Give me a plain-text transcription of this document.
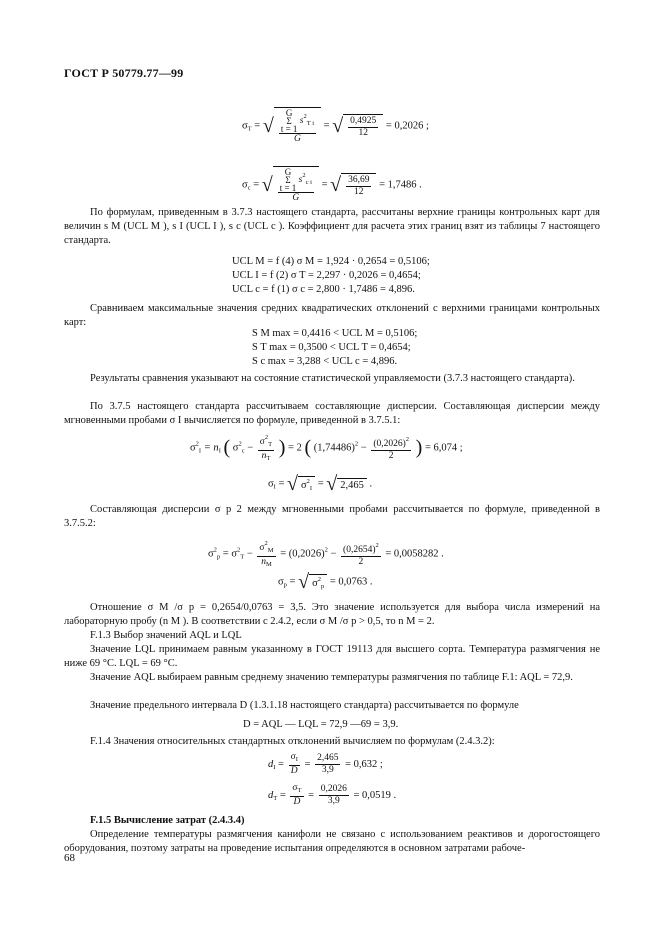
ГОСТ Р 50779.77—99
$\sigma_T$ = √
G
Σ
t = 1 $s^2_{T i}$
G
= √ $\frac{0,4925}{12} = 0,2026$ ;
$\sigma_c$ = √
G
Σ
t = 1 $s^2_{c i}$
G
= √ $\frac{36,69}{12} = 1,7486$ .

По формулам, приведенным в 3.7.3 настоящего стандарта, рассчитаны верхние границы контрольных карт для величин s M (UCL M ), s I (UCL I ), s c (UCL c ). Коэффициент для расчета этих границ взят из таблицы 7 настоящего стандарта.

UCL M = f (4) σ M = 1,924 · 0,2654 = 0,5106;
UCL I = f (2) σ T = 2,297 · 0,2026 = 0,4654;
UCL c = f (1) σ c = 2,800 · 1,7486 = 4,896.

Сравниваем максимальные значения средних квадратических отклонений с верхними границами контрольных карт:

S M max = 0,4416 < UCL M = 0,5106;
S T max = 0,3500 < UCL T = 0,4654;
S c max = 3,288 < UCL c = 4,896.

Результаты сравнения указывают на состояние статистической управляемости (3.7.3 настоящего стандарта).

По 3.7.5 настоящего стандарта рассчитываем составляющие дисперсии. Составляющая дисперсии между мгновенными пробами σ I вычисляется по формуле, приведенной в 3.7.5.1:

$\sigma^2_I = n_I$ ( $\sigma^2_c - \frac{\sigma^2_T}{n_T}$ ) = 2 ( $(1,74486)^2 - \frac{(0,2026)^2}{2}$ ) = 6,074 ;
$\sigma_I$ = √ $\sigma^2_I$ = √ 2,465 .

Составляющая дисперсии σ p 2 между мгновенными пробами рассчитывается по формуле, приведенной в 3.7.5.2:

$\sigma^2_p = \sigma^2_T - \frac{\sigma^2_M}{n_M} = (0,2026)^2 - \frac{(0,2654)^2}{2} = 0,0058282$ .
$\sigma_p$ = √ $\sigma^2_p = 0,0763$ .

Отношение σ M /σ p = 0,2654/0,0763 = 3,5. Это значение используется для выбора числа измерений на лабораторную пробу (n M ). В соответствии с 2.4.2, если σ M /σ p > 0,5, то n M = 2.

F.1.3 Выбор значений AQL и LQL

Значение LQL принимаем равным указанному в ГОСТ 19113 для высшего сорта. Температура размягчения не ниже 69 °С. LQL = 69 °С.

Значение AQL выбираем равным среднему значению температуры размягчения по таблице F.1: AQL = 72,9.

Значение предельного интервала D (1.3.1.18 настоящего стандарта) рассчитывается по формуле

D = AQL — LQL = 72,9 —69 = 3,9.

F.1.4 Значения относительных стандартных отклонений вычисляем по формулам (2.4.3.2):

$d_I = \frac{\sigma_I}{D} = \frac{2,465}{3,9} = 0,632$ ;
$d_T = \frac{\sigma_T}{D} = \frac{0,2026}{3,9} = 0,0519$ .
F.1.5 Вычисление затрат (2.4.3.4)

Определение температуры размягчения канифоли не связано с использованием реактивов и дорогостоящего оборудования, поэтому затраты на проведение испытания определяются в основном затратами рабоче-

68
